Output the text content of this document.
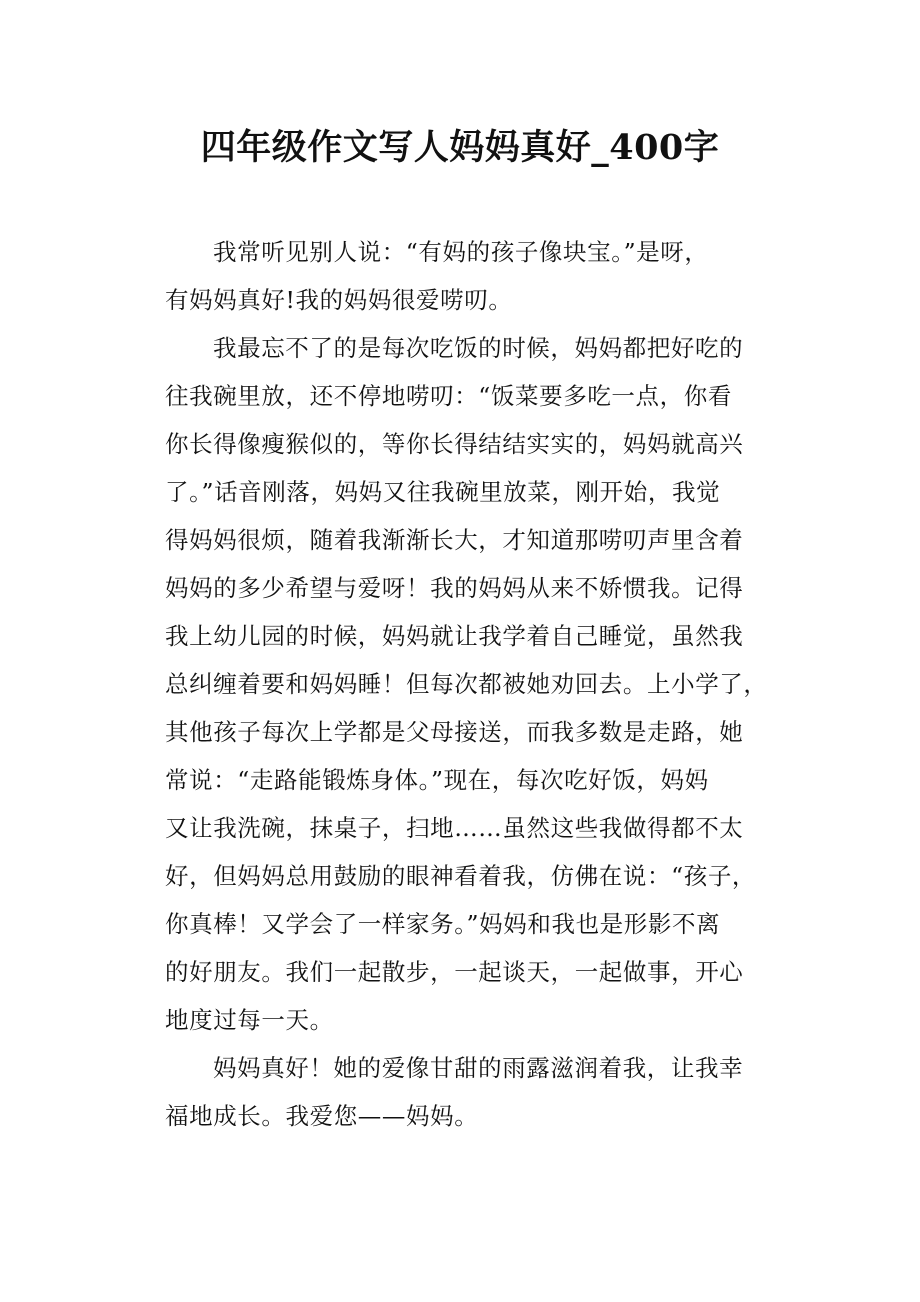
四年级作文写人妈妈真好_400字
我常听见别人说：“有妈的孩子像块宝。”是呀，
有妈妈真好!我的妈妈很爱唠叨。
我最忘不了的是每次吃饭的时候，妈妈都把好吃的
往我碗里放，还不停地唠叨：“饭菜要多吃一点，你看
你长得像瘦猴似的，等你长得结结实实的，妈妈就高兴
了。”话音刚落，妈妈又往我碗里放菜，刚开始，我觉
得妈妈很烦，随着我渐渐长大，才知道那唠叨声里含着
妈妈的多少希望与爱呀！我的妈妈从来不娇惯我。记得
我上幼儿园的时候，妈妈就让我学着自己睡觉，虽然我
总纠缠着要和妈妈睡！但每次都被她劝回去。上小学了，
其他孩子每次上学都是父母接送，而我多数是走路，她
常说：“走路能锻炼身体。”现在，每次吃好饭，妈妈
又让我洗碗，抹桌子，扫地……虽然这些我做得都不太
好，但妈妈总用鼓励的眼神看着我，仿佛在说：“孩子，
你真棒！又学会了一样家务。”妈妈和我也是形影不离
的好朋友。我们一起散步，一起谈天，一起做事，开心
地度过每一天。
妈妈真好！她的爱像甘甜的雨露滋润着我，让我幸
福地成长。我爱您——妈妈。
